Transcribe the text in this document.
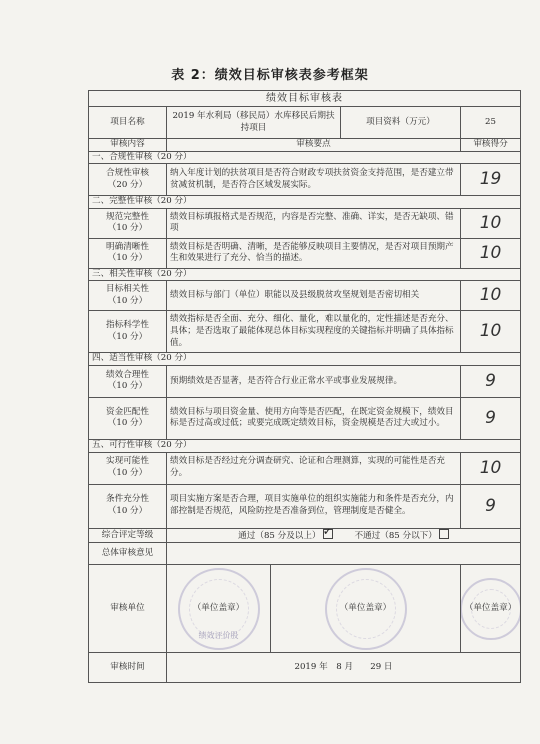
表 2：绩效目标审核表参考框架
绩效目标审核表				
项目名称	2019 年水利局（移民局）水库移民后期扶持项目		项目资料（万元）	25
审核内容	审核要点			审核得分
一、合规性审核（20 分）				
合规性审核
（20 分）	纳入年度计划的扶贫项目是否符合财政专项扶贫资金支持范围，是否建立带贫减贫机制，是否符合区域发展实际。			19
二、完整性审核（20 分）				
规范完整性
（10 分）	绩效目标填报格式是否规范，内容是否完整、准确、详实，是否无缺项、错项			10
明确清晰性
（10 分）	绩效目标是否明确、清晰，是否能够反映项目主要情况，是否对项目预期产生和效果进行了充分、恰当的描述。			10
三、相关性审核（20 分）				
目标相关性
（10 分）	绩效目标与部门（单位）职能以及县级脱贫攻坚规划是否密切相关			10
指标科学性
（10 分）	绩效指标是否全面、充分、细化、量化，难以量化的，定性描述是否充分、具体；是否选取了最能体现总体目标实现程度的关键指标并明确了具体指标值。			10
四、适当性审核（20 分）				
绩效合理性
（10 分）	预期绩效是否显著，是否符合行业正常水平或事业发展规律。			9
资金匹配性
（10 分）	绩效目标与项目资金量、使用方向等是否匹配，在既定资金规模下，绩效目标是否过高或过低；或要完成既定绩效目标，资金规模是否过大或过小。			9
五、可行性审核（20 分）				
实现可能性
（10 分）	绩效目标是否经过充分调查研究、论证和合理测算，实现的可能性是否充分。			10
条件充分性
（10 分）	项目实施方案是否合理，项目实施单位的组织实施能力和条件是否充分，内部控制是否规范，风险防控是否准备到位，管理制度是否健全。			9
综合评定等级	通过（85 分及以上） ✓ 不通过（85 分以下）
总体审核意见				
审核单位	（单位盖章）
绩效评价股	（单位盖章）		（单位盖章）
审核时间	2019 年　8 月　　29 日			
